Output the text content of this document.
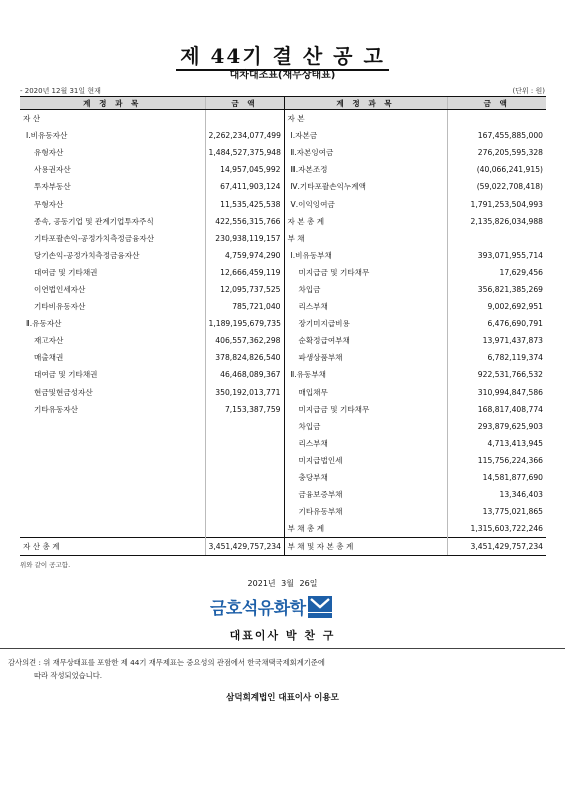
제 44기 결 산 공 고
대차대조표(재무상태표)
- 2020년 12월 31일 현재	(단위 : 원)
계 정 과 목	금 액	계 정 과 목	금 액
자 산		자 본	
Ⅰ.비유동자산	2,262,234,077,499	Ⅰ.자본금	167,455,885,000
유형자산	1,484,527,375,948	Ⅱ.자본잉여금	276,205,595,328
사용권자산	14,957,045,992	Ⅲ.자본조정	(40,066,241,915)
투자부동산	67,411,903,124	Ⅳ.기타포괄손익누계액	(59,022,708,418)
무형자산	11,535,425,538	Ⅴ.이익잉여금	1,791,253,504,993
종속, 공동기업 및 관계기업투자주식	422,556,315,766	자 본 총 계	2,135,826,034,988
기타포괄손익-공정가치측정금융자산	230,938,119,157	부 채	
당기손익-공정가치측정금융자산	4,759,974,290	Ⅰ.비유동부채	393,071,955,714
대여금 및 기타채권	12,666,459,119	미지급금 및 기타채무	17,629,456
이연법인세자산	12,095,737,525	차입금	356,821,385,269
기타비유동자산	785,721,040	리스부채	9,002,692,951
Ⅱ.유동자산	1,189,195,679,735	장기미지급비용	6,476,690,791
재고자산	406,557,362,298	순확정급여부채	13,971,437,873
매출채권	378,824,826,540	파생상품부채	6,782,119,374
대여금 및 기타채권	46,468,089,367	Ⅱ.유동부채	922,531,766,532
현금및현금성자산	350,192,013,771	매입채무	310,994,847,586
기타유동자산	7,153,387,759	미지급금 및 기타채무	168,817,408,774
		차입금	293,879,625,903
		리스부채	4,713,413,945
		미지급법인세	115,756,224,366
		충당부채	14,581,877,690
		금융보증부채	13,346,403
		기타유동부채	13,775,021,865
		부 채 총 계	1,315,603,722,246
자 산 총 계	3,451,429,757,234	부 채 및 자 본 총 계	3,451,429,757,234
위와 같이 공고함.
2021년 3월 26일
금호석유화학
대표이사 박 찬 구
감사의견 : 위 재무상태표를 포함한 제 44기 재무제표는 중요성의 관점에서 한국채택국제회계기준에
따라 작성되었습니다.
삼덕회계법인 대표이사 이용모
